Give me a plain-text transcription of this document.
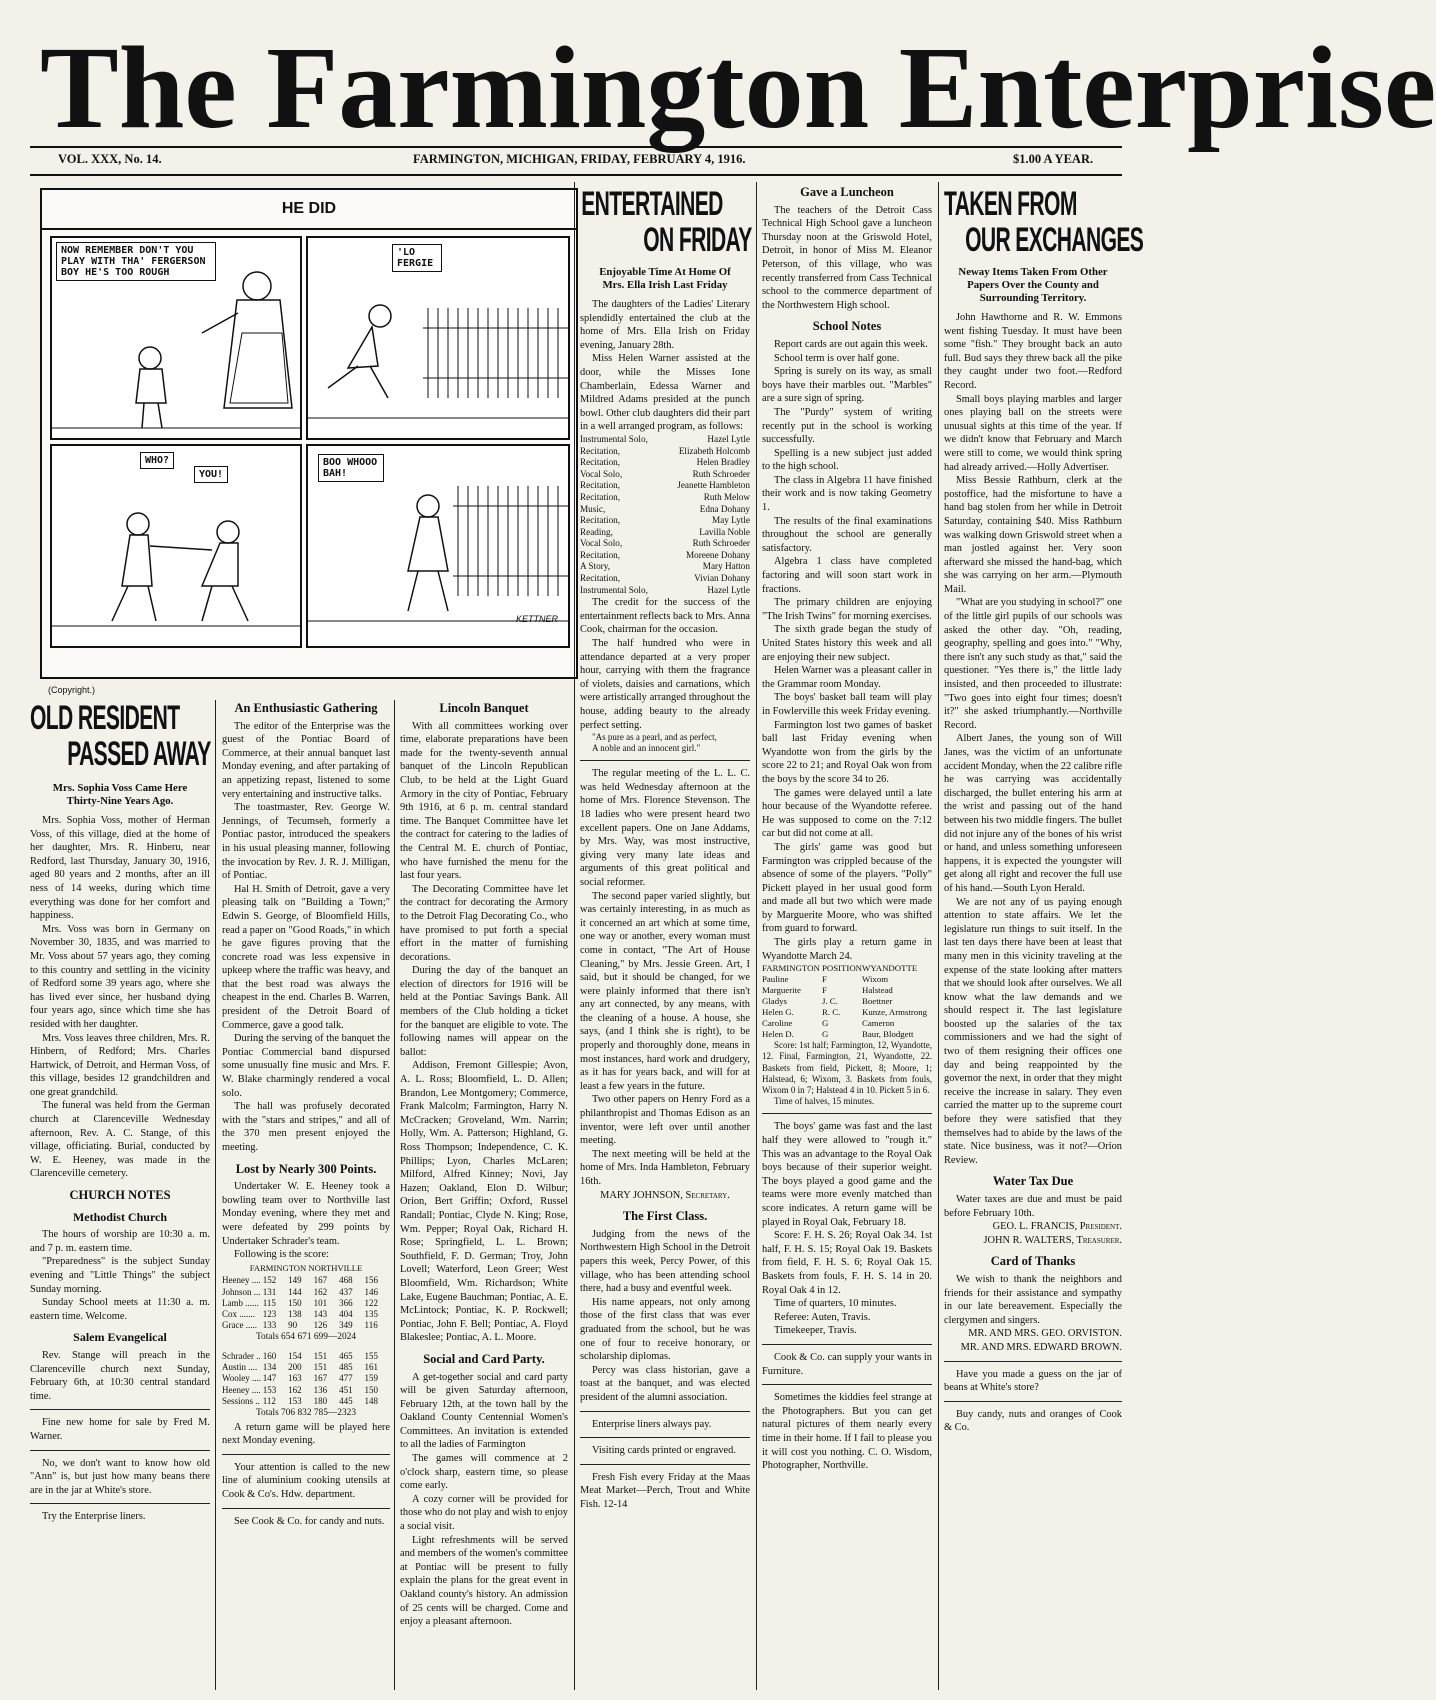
The Farmington Enterprise
VOL. XXX, No. 14.	FARMINGTON, MICHIGAN, FRIDAY, FEBRUARY 4, 1916.	$1.00 A YEAR.
HE DID
NOW REMEMBER DON'T YOU PLAY WITH THA' FERGERSON BOY HE'S TOO ROUGH
'LO FERGIE
WHO?
YOU!
BOO WHOOO BAH!
KETTNER
(Copyright.)
OLD RESIDENT
PASSED AWAY
Mrs. Sophia Voss Came Here Thirty-Nine Years Ago.

Mrs. Sophia Voss, mother of Herman Voss, of this village, died at the home of her daughter, Mrs. R. Hinberu, near Redford, last Thursday, January 30, 1916, aged 80 years and 2 months, after an ill ness of 14 weeks, during which time everything was done for her comfort and happiness.

Mrs. Voss was born in Germany on November 30, 1835, and was married to Mr. Voss about 57 years ago, they coming to this country and settling in the vicinity of Redford some 39 years ago, where she has lived ever since, her husband dying four years ago, since which time she has resided with her daughter.

Mrs. Voss leaves three children, Mrs. R. Hinbern, of Redford; Mrs. Charles Hartwick, of Detroit, and Herman Voss, of this village, besides 12 grandchildren and one great grandchild.

The funeral was held from the German church at Clarenceville Wednesday afternoon, Rev. A. C. Stange, of this village, officiating. Burial, conducted by W. E. Heeney, was made in the Clarenceville cemetery.

CHURCH NOTES
Methodist Church

The hours of worship are 10:30 a. m. and 7 p. m. eastern time.

"Preparedness" is the subject Sunday evening and "Little Things" the subject Sunday morning.

Sunday School meets at 11:30 a. m. eastern time. Welcome.

Salem Evangelical

Rev. Stange will preach in the Clarenceville church next Sunday, February 6th, at 10:30 central standard time.

Fine new home for sale by Fred M. Warner.

No, we don't want to know how old "Ann" is, but just how many beans there are in the jar at White's store.

Try the Enterprise liners.

An Enthusiastic Gathering

The editor of the Enterprise was the guest of the Pontiac Board of Commerce, at their annual banquet last Monday evening, and after partaking of an appetizing repast, listened to some very entertaining and instructive talks.

The toastmaster, Rev. George W. Jennings, of Tecumseh, formerly a Pontiac pastor, introduced the speakers in his usual pleasing manner, following the invocation by Rev. J. R. J. Milligan, of Pontiac.

Hal H. Smith of Detroit, gave a very pleasing talk on "Building a Town;" Edwin S. George, of Bloomfield Hills, read a paper on "Good Roads," in which he gave figures proving that the concrete road was less expensive in upkeep where the traffic was heavy, and that the best road was always the cheapest in the end. Charles B. Warren, president of the Detroit Board of Commerce, gave a good talk.

During the serving of the banquet the Pontiac Commercial band dispursed some unusually fine music and Mrs. F. W. Blake charmingly rendered a vocal solo.

The hall was profusely decorated with the "stars and stripes," and all of the 370 men present enjoyed the meeting.

Lost by Nearly 300 Points.

Undertaker W. E. Heeney took a bowling team over to Northville last Monday evening, where they met and were defeated by 299 points by Undertaker Schrader's team.

Following is the score:

FARMINGTON NORTHVILLE
Heeney .... 152	149	167	468	156
Johnson ... 131	144	162	437	146
Lamb ...... 115	150	101	366	122
Cox ....... 123	138	143	404	135
Grace ..... 133	90	126	349	116
Totals 654 671 699—2024
Schrader .. 160	154	151	465	155
Austin .... 134	200	151	485	161
Wooley .... 147	163	167	477	159
Heeney .... 153	162	136	451	150
Sessions .. 112	153	180	445	148
Totals 706 832 785—2323

A return game will be played here next Monday evening.

Your attention is called to the new line of aluminium cooking utensils at Cook & Co's. Hdw. department.

See Cook & Co. for candy and nuts.

Lincoln Banquet

With all committees working over time, elaborate preparations have been made for the twenty-seventh annual banquet of the Lincoln Republican Club, to be held at the Light Guard Armory in the city of Pontiac, February 9th 1916, at 6 p. m. central standard time. The Banquet Committee have let the contract for catering to the ladies of the Central M. E. church of Pontiac, who have furnished the menu for the last four years.

The Decorating Committee have let the contract for decorating the Armory to the Detroit Flag Decorating Co., who have promised to put forth a special effort in the matter of furnishing decorations.

During the day of the banquet an election of directors for 1916 will be held at the Pontiac Savings Bank. All members of the Club holding a ticket for the banquet are eligible to vote. The following names will appear on the ballot:

Addison, Fremont Gillespie; Avon, A. L. Ross; Bloomfield, L. D. Allen; Brandon, Lee Montgomery; Commerce, Frank Malcolm; Farmington, Harry N. McCracken; Groveland, Wm. Narrin; Holly, Wm. A. Patterson; Highland, G. Ross Thompson; Independence, C. K. Phillips; Lyon, Charles McLaren; Milford, Alfred Kinney; Novi, Jay Hazen; Oakland, Elon D. Wilbur; Orion, Bert Griffin; Oxford, Russel Randall; Pontiac, Clyde N. King; Rose, Wm. Pepper; Royal Oak, Richard H. Rose; Springfield, L. L. Brown; Southfield, F. D. German; Troy, John Lovell; Waterford, Leon Greer; West Bloomfield, Wm. Richardson; White Lake, Eugene Bauchman; Pontiac, A. E. McLintock; Pontiac, K. P. Rockwell; Pontiac, John F. Bell; Pontiac, A. Floyd Blakeslee; Pontiac, A. L. Moore.

Social and Card Party.

A get-together social and card party will be given Saturday afternoon, February 12th, at the town hall by the Oakland County Centennial Women's Committees. An invitation is extended to all the ladies of Farmington

The games will commence at 2 o'clock sharp, eastern time, so please come early.

A cozy corner will be provided for those who do not play and wish to enjoy a social visit.

Light refreshments will be served and members of the women's committee at Pontiac will be present to fully explain the plans for the great event in Oakland county's history. An admission of 25 cents will be charged. Come and enjoy a pleasant afternoon.

ENTERTAINED
ON FRIDAY
Enjoyable Time At Home Of Mrs. Ella Irish Last Friday

The daughters of the Ladies' Literary splendidly entertained the club at the home of Mrs. Ella Irish on Friday evening, January 28th.

Miss Helen Warner assisted at the door, while the Misses Ione Chamberlain, Edessa Warner and Mildred Adams presided at the punch bowl. Other club daughters did their part in a well arranged program, as follows:

Instrumental Solo,	Hazel Lytle
Recitation,	Elizabeth Holcomb
Recitation,	Helen Bradley
Vocal Solo,	Ruth Schroeder
Recitation,	Jeanette Hambleton
Recitation,	Ruth Melow
Music,	Edna Dohany
Recitation,	May Lytle
Reading,	Lavilla Noble
Vocal Solo,	Ruth Schroeder
Recitation,	Moreene Dohany
A Story,	Mary Hatton
Recitation,	Vivian Dohany
Instrumental Solo,	Hazel Lytle

The credit for the success of the entertainment reflects back to Mrs. Anna Cook, chairman for the occasion.

The half hundred who were in attendance departed at a very proper hour, carrying with them the fragrance of violets, daisies and carnations, which were artistically arranged throughout the house, adding beauty to the already perfect setting.

"As pure as a pearl, and as perfect,
A noble and an innocent girl."

The regular meeting of the L. L. C. was held Wednesday afternoon at the home of Mrs. Florence Stevenson. The 18 ladies who were present heard two excellent papers. One on Jane Addams, by Mrs. Way, was most instructive, giving very many late ideas and arguments of this great political and social reformer.

The second paper varied slightly, but was certainly interesting, in as much as it concerned an art which at some time, one way or another, every woman must come in contact, "The Art of House Cleaning," by Mrs. Jessie Green. Art, I said, but it should be changed, for we were plainly informed that there isn't any art connected, by any means, with the cleaning of a house. A house, she says, (and I think she is right), to be properly and thoroughly done, means in most instances, hard work and drudgery, as it has for years back, and will for at least a few years in the future.

Two other papers on Henry Ford as a philanthropist and Thomas Edison as an inventor, were left over until another meeting.

The next meeting will be held at the home of Mrs. Inda Hambleton, February 16th.

MARY JOHNSON, Secretary.
The First Class.

Judging from the news of the Northwestern High School in the Detroit papers this week, Percy Power, of this village, who has been attending school there, had a busy and eventful week.

His name appears, not only among those of the first class that was ever graduated from the school, but he was one of four to receive honorary, or scholarship diplomas.

Percy was class historian, gave a toast at the banquet, and was elected president of the alumni association.

Enterprise liners always pay.

Visiting cards printed or engraved.

Fresh Fish every Friday at the Maas Meat Market—Perch, Trout and White Fish. 12-14

Gave a Luncheon

The teachers of the Detroit Cass Technical High School gave a luncheon Thursday noon at the Griswold Hotel, Detroit, in honor of Miss M. Eleanor Peterson, of this village, who was recently transferred from Cass Technical school to the commerce department of the Northwestern High school.

School Notes

Report cards are out again this week.

School term is over half gone.

Spring is surely on its way, as small boys have their marbles out. "Marbles" are a sure sign of spring.

The "Purdy" system of writing recently put in the school is working successfully.

Spelling is a new subject just added to the high school.

The class in Algebra 11 have finished their work and is now taking Geometry 1.

The results of the final examinations throughout the school are generally satisfactory.

Algebra 1 class have completed factoring and will soon start work in fractions.

The primary children are enjoying "The Irish Twins" for morning exercises.

The sixth grade began the study of United States history this week and all are enjoying their new subject.

Helen Warner was a pleasant caller in the Grammar room Monday.

The boys' basket ball team will play in Fowlerville this week Friday evening.

Farmington lost two games of basket ball last Friday evening when Wyandotte won from the girls by the score 22 to 21; and Royal Oak won from the boys by the score 34 to 26.

The games were delayed until a late hour because of the Wyandotte referee. He was supposed to come on the 7:12 car but did not come at all.

The girls' game was good but Farmington was crippled because of the absence of some of the players. "Polly" Pickett played in her usual good form and made all but two which were made by Marguerite Moore, who was shifted from guard to forward.

The girls play a return game in Wyandotte March 24.

FARMINGTON POSITION WYANDOTTE
Pauline	F	Wixom
Marguerite	F	Halstead
Gladys	J. C.	Boettner
Helen G.	R. C.	Kunze, Armstrong
Caroline	G	Cameron
Helen D.	G	Baur, Blodgett

Score: 1st half; Farmington, 12, Wyandotte, 12. Final, Farmington, 21, Wyandotte, 22. Baskets from field, Pickett, 8; Moore, 1; Halstead, 6; Wixom, 3. Baskets from fouls, Wixom 0 in 7; Halstead 4 in 10. Pickett 5 in 6.

Time of halves, 15 minutes.

The boys' game was fast and the last half they were allowed to "rough it." This was an advantage to the Royal Oak boys because of their superior weight. The boys played a good game and the teams were more evenly matched than score indicates. A return game will be played in Royal Oak, February 18.

Score: F. H. S. 26; Royal Oak 34. 1st half, F. H. S. 15; Royal Oak 19. Baskets from field, F. H. S. 6; Royal Oak 15. Baskets from fouls, F. H. S. 14 in 20. Royal Oak 4 in 12.

Time of quarters, 10 minutes.

Referee: Auten, Travis.

Timekeeper, Travis.

Cook & Co. can supply your wants in Furniture.

Sometimes the kiddies feel strange at the Photographers. But you can get natural pictures of them nearly every time in their home. If I fail to please you it will cost you nothing. C. O. Wisdom, Photographer, Northville.

TAKEN FROM
OUR EXCHANGES
Neway Items Taken From Other Papers Over the County and Surrounding Territory.

John Hawthorne and R. W. Emmons went fishing Tuesday. It must have been some "fish." They brought back an auto full. Bud says they threw back all the pike they caught under two foot.—Redford Record.

Small boys playing marbles and larger ones playing ball on the streets were unusual sights at this time of the year. If we didn't know that February and March were still to come, we would think spring had already arrived.—Holly Advertiser.

Miss Bessie Rathburn, clerk at the postoffice, had the misfortune to have a hand bag stolen from her while in Detroit Saturday, containing $40. Miss Rathburn was walking down Griswold street when a man jostled against her. Very soon afterward she missed the hand-bag, which she was carrying on her arm.—Plymouth Mail.

"What are you studying in school?" one of the little girl pupils of our schools was asked the other day. "Oh, reading, geography, spelling and goes into." "Why, there isn't any such study as that," said the questioner. "Yes there is," the little lady insisted, and then proceeded to illustrate: "Two goes into eight four times; doesn't it?" she asked triumphantly.—Northville Record.

Albert Janes, the young son of Will Janes, was the victim of an unfortunate accident Monday, when the 22 calibre rifle he was carrying was accidentally discharged, the bullet entering his arm at the wrist and passing out of the hand between his two middle fingers. The bullet did not injure any of the bones of his wrist or hand, and unless something unforeseen happens, it is expected the youngster will get along all right and recover the full use of his hand.—South Lyon Herald.

We are not any of us paying enough attention to state affairs. We let the legislature run things to suit itself. In the last ten days there have been at least that many men in this vicinity traveling at the expense of the state looking after matters that we should look after ourselves. We all know what the law demands and we should respect it. The last legislature boosted up the salaries of the tax commissioners and we had the sight of two of them resigning their offices one day and being reappointed by the governor the next, in order that they might receive the increase in salary. They even carried the matter up to the supreme court before they were satisfied that they themselves had to abide by the laws of the state. Nice business, was it not?—Orion Review.

Water Tax Due

Water taxes are due and must be paid before February 10th.

GEO. L. FRANCIS, President.
JOHN R. WALTERS, Treasurer.
Card of Thanks

We wish to thank the neighbors and friends for their assistance and sympathy in our late bereavement. Especially the clergymen and singers.

MR. AND MRS. GEO. ORVISTON.
MR. AND MRS. EDWARD BROWN.

Have you made a guess on the jar of beans at White's store?

Buy candy, nuts and oranges of Cook & Co.
